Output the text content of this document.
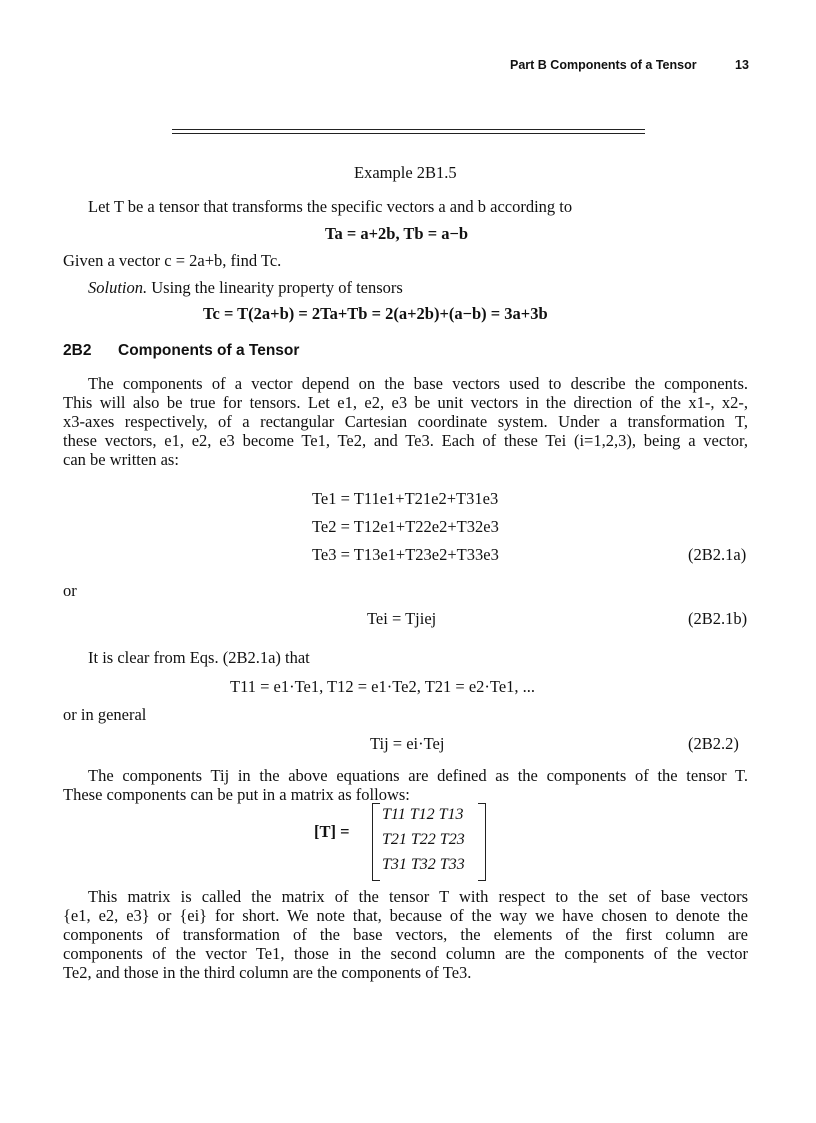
Part B Components of a Tensor	13
Example 2B1.5
Let T be a tensor that transforms the specific vectors a and b according to
Ta = a+2b, Tb = a−b
Given a vector c = 2a+b, find Tc.
Solution. Using the linearity property of tensors
Tc = T(2a+b) = 2Ta+Tb = 2(a+2b)+(a−b) = 3a+3b
2B2 Components of a Tensor
The components of a vector depend on the base vectors used to describe the components.
This will also be true for tensors. Let e1, e2, e3 be unit vectors in the direction of the x1-, x2-,
x3-axes respectively, of a rectangular Cartesian coordinate system. Under a transformation T,
these vectors, e1, e2, e3 become Te1, Te2, and Te3. Each of these Tei (i=1,2,3), being a vector,
can be written as:
Te1 = T11e1+T21e2+T31e3
Te2 = T12e1+T22e2+T32e3
Te3 = T13e1+T23e2+T33e3	(2B2.1a)
or
Tei = Tjiej	(2B2.1b)
It is clear from Eqs. (2B2.1a) that
T11 = e1·Te1, T12 = e1·Te2, T21 = e2·Te1, ...
or in general
Tij = ei·Tej	(2B2.2)
The components Tij in the above equations are defined as the components of the tensor T.
These components can be put in a matrix as follows:
[T] =
T11 T12 T13
T21 T22 T23
T31 T32 T33
This matrix is called the matrix of the tensor T with respect to the set of base vectors
{e1, e2, e3} or {ei} for short. We note that, because of the way we have chosen to denote the
components of transformation of the base vectors, the elements of the first column are
components of the vector Te1, those in the second column are the components of the vector
Te2, and those in the third column are the components of Te3.
